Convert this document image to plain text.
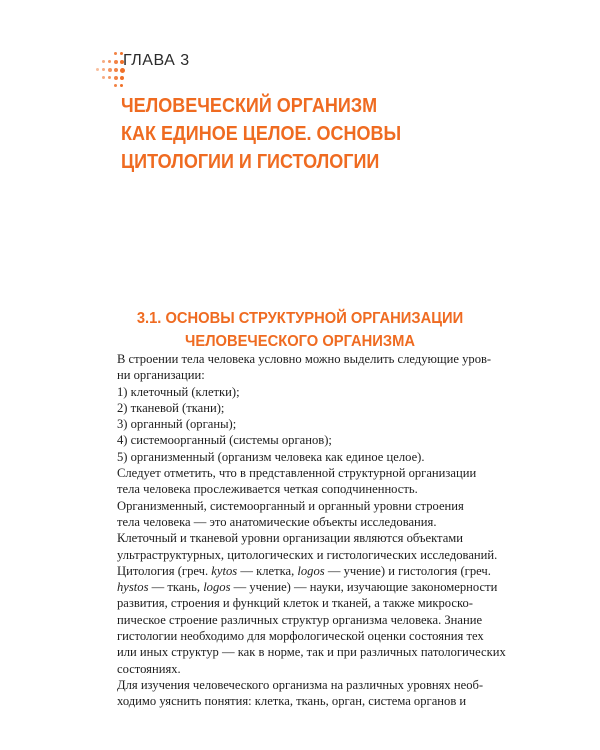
ГЛАВА 3
ЧЕЛОВЕЧЕСКИЙ ОРГАНИЗМ
КАК ЕДИНОЕ ЦЕЛОЕ. ОСНОВЫ
ЦИТОЛОГИИ И ГИСТОЛОГИИ
3.1. ОСНОВЫ СТРУКТУРНОЙ ОРГАНИЗАЦИИ
ЧЕЛОВЕЧЕСКОГО ОРГАНИЗМА
В строении тела человека условно можно выделить следующие уров-
ни организации:
1) клеточный (клетки);
2) тканевой (ткани);
3) органный (органы);
4) системоорганный (системы органов);
5) организменный (организм человека как единое целое).
Следует отметить, что в представленной структурной организации
тела человека прослеживается четкая соподчиненность.
Организменный, системоорганный и органный уровни строения
тела человека — это анатомические объекты исследования.
Клеточный и тканевой уровни организации являются объектами
ультраструктурных, цитологических и гистологических исследований.
Цитология (греч. kytos — клетка, logos — учение) и гистология (греч.
hystos — ткань, logos — учение) — науки, изучающие закономерности
развития, строения и функций клеток и тканей, а также микроско-
пическое строение различных структур организма человека. Знание
гистологии необходимо для морфологической оценки состояния тех
или иных структур — как в норме, так и при различных патологических
состояниях.
Для изучения человеческого организма на различных уровнях необ-
ходимо уяснить понятия: клетка, ткань, орган, система органов и
